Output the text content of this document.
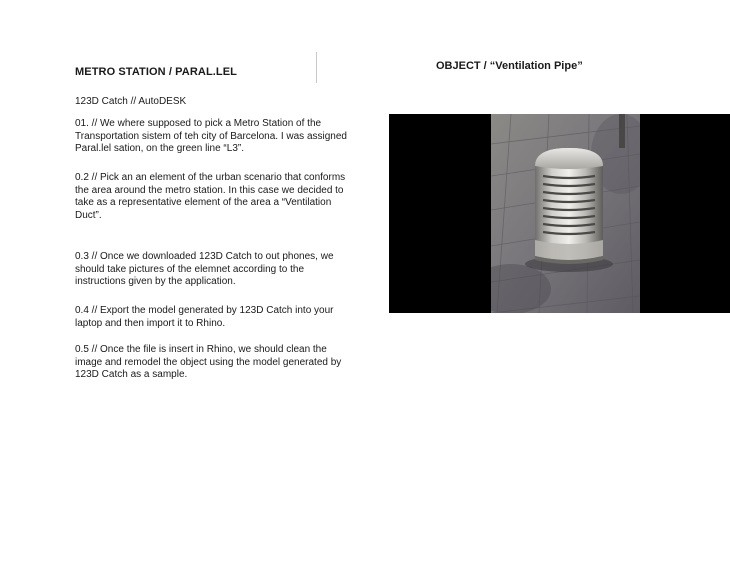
METRO STATION / PARAL.LEL	OBJECT / “Ventilation Pipe”

123D Catch // AutoDESK

01. // We where supposed to pick a Metro Station of the Transportation sistem of teh city of Barcelona. I was assigned Paral.lel sation, on the green line “L3”.

0.2 // Pick an an element of the urban scenario that conforms the area around the metro station. In this case we decided to take as a representative element of the area a “Ventilation Duct”.

0.3 // Once we downloaded 123D Catch to out phones, we should take pictures of the elemnet according to the instructions given by the application.

0.4 // Export the model generated by 123D Catch into your laptop and then import it to Rhino.

0.5 // Once the file is insert in Rhino, we should clean the image and remodel the object using the model generated by 123D Catch as a sample.
